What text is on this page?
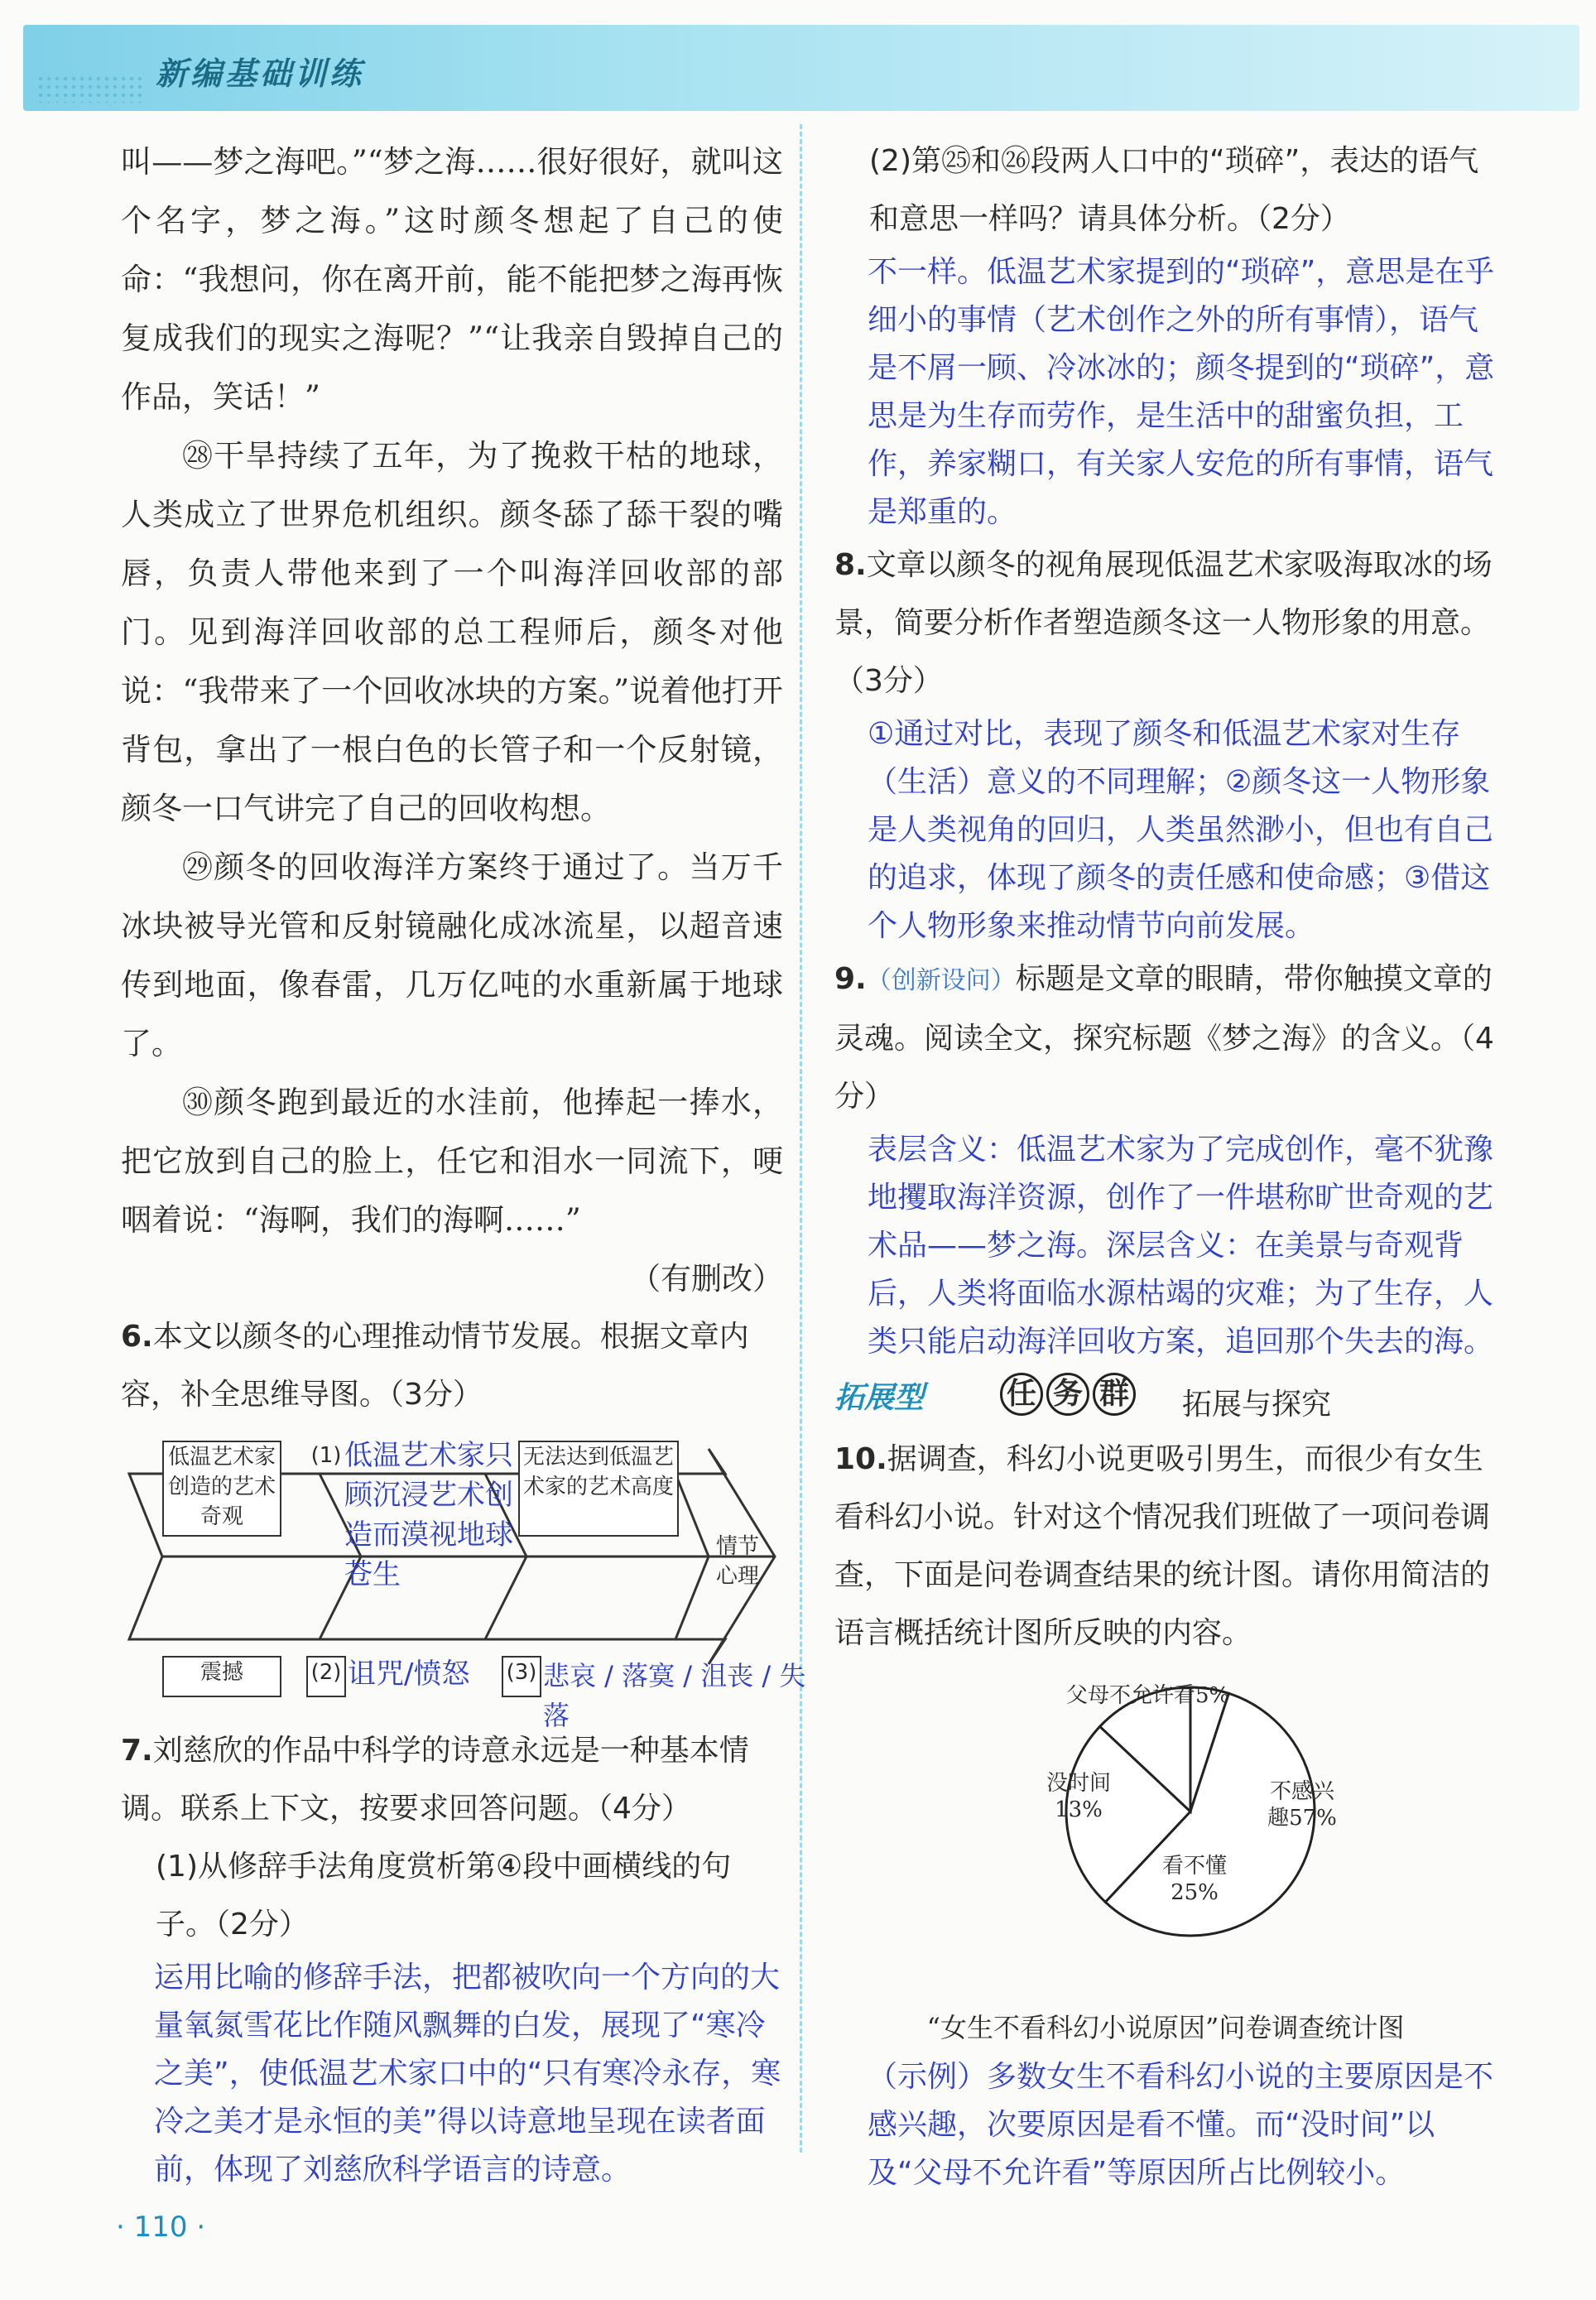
新编基础训练

叫——梦之海吧。”“梦之海……很好很好，就叫这个名字，梦之海。”这时颜冬想起了自己的使命：“我想问，你在离开前，能不能把梦之海再恢复成我们的现实之海呢？”“让我亲自毁掉自己的作品，笑话！”

㉘干旱持续了五年，为了挽救干枯的地球，人类成立了世界危机组织。颜冬舔了舔干裂的嘴唇，负责人带他来到了一个叫海洋回收部的部门。见到海洋回收部的总工程师后，颜冬对他说：“我带来了一个回收冰块的方案。”说着他打开背包，拿出了一根白色的长管子和一个反射镜，颜冬一口气讲完了自己的回收构想。

㉙颜冬的回收海洋方案终于通过了。当万千冰块被导光管和反射镜融化成冰流星，以超音速传到地面，像春雷，几万亿吨的水重新属于地球了。

㉚颜冬跑到最近的水洼前，他捧起一捧水，把它放到自己的脸上，任它和泪水一同流下，哽咽着说：“海啊，我们的海啊……”

（有删改）

6.本文以颜冬的心理推动情节发展。根据文章内容，补全思维导图。（3分）

低温艺术家创造的艺术奇观
(1)	无法达到低温艺术家的艺术高度
震撼	(2)	(3)
情节心理
低温艺术家只顾沉浸艺术创造而漠视地球苍生
诅咒/愤怒	悲哀 / 落寞 / 沮丧 / 失落

7.刘慈欣的作品中科学的诗意永远是一种基本情调。联系上下文，按要求回答问题。（4分）

(1)从修辞手法角度赏析第④段中画横线的句子。（2分）

运用比喻的修辞手法，把都被吹向一个方向的大量氧氮雪花比作随风飘舞的白发，展现了“寒冷之美”，使低温艺术家口中的“只有寒冷永存，寒冷之美才是永恒的美”得以诗意地呈现在读者面前，体现了刘慈欣科学语言的诗意。

(2)第㉕和㉖段两人口中的“琐碎”，表达的语气和意思一样吗？请具体分析。（2分）

不一样。低温艺术家提到的“琐碎”，意思是在乎细小的事情（艺术创作之外的所有事情），语气是不屑一顾、冷冰冰的；颜冬提到的“琐碎”，意思是为生存而劳作，是生活中的甜蜜负担，工作，养家糊口，有关家人安危的所有事情，语气是郑重的。

8.文章以颜冬的视角展现低温艺术家吸海取冰的场景，简要分析作者塑造颜冬这一人物形象的用意。（3分）

①通过对比，表现了颜冬和低温艺术家对生存（生活）意义的不同理解；②颜冬这一人物形象是人类视角的回归，人类虽然渺小，但也有自己的追求，体现了颜冬的责任感和使命感；③借这个人物形象来推动情节向前发展。

9.（创新设问）标题是文章的眼睛，带你触摸文章的灵魂。阅读全文，探究标题《梦之海》的含义。（4分）

表层含义：低温艺术家为了完成创作，毫不犹豫地攫取海洋资源，创作了一件堪称旷世奇观的艺术品——梦之海。深层含义：在美景与奇观背后，人类将面临水源枯竭的灾难；为了生存，人类只能启动海洋回收方案，追回那个失去的海。

拓展型	任 务 群	拓展与探究

10.据调查，科幻小说更吸引男生，而很少有女生看科幻小说。针对这个情况我们班做了一项问卷调查，下面是问卷调查结果的统计图。请你用简洁的语言概括统计图所反映的内容。

父母不允许看5%
没时间13%
看不懂25%
不感兴趣57%

“女生不看科幻小说原因”问卷调查统计图

（示例）多数女生不看科幻小说的主要原因是不感兴趣，次要原因是看不懂。而“没时间”以及“父母不允许看”等原因所占比例较小。

· 110 ·
